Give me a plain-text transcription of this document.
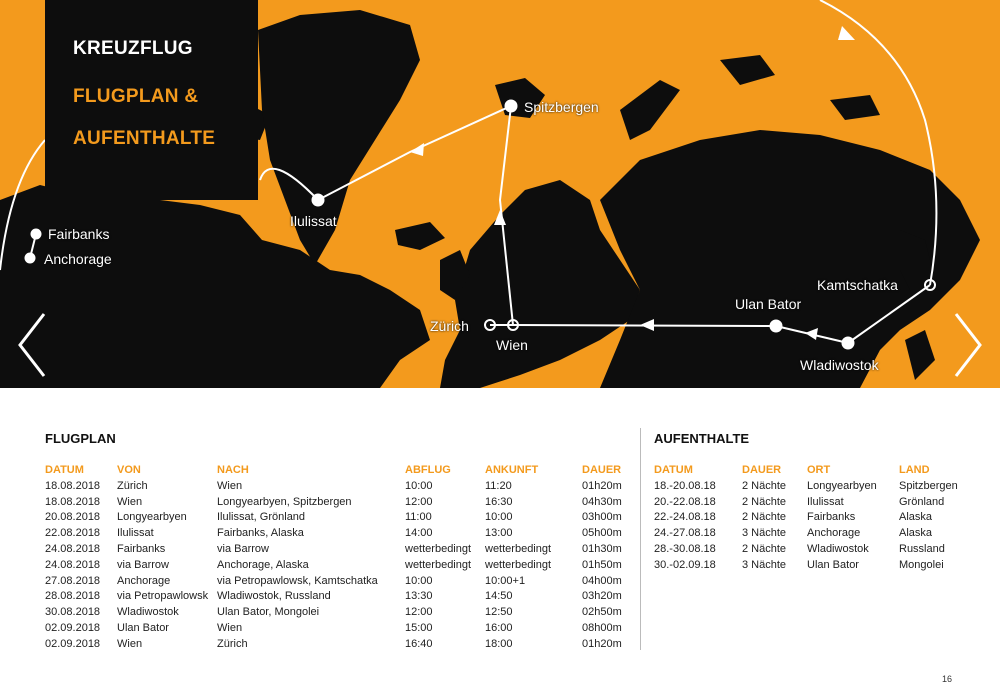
Fairbanks
Anchorage
Ilulissat
Spitzbergen
Zürich
Wien
Ulan Bator
Kamtschatka
Wladiwostok
KREUZFLUG
FLUGPLAN &
AUFENTHALTE
FLUGPLAN
DATUM	VON	NACH	ABFLUG	ANKUNFT	DAUER
18.08.2018	Zürich	Wien	10:00	11:20	01h20m
18.08.2018	Wien	Longyearbyen, Spitzbergen	12:00	16:30	04h30m
20.08.2018	Longyearbyen	Ilulissat, Grönland	11:00	10:00	03h00m
22.08.2018	Ilulissat	Fairbanks, Alaska	14:00	13:00	05h00m
24.08.2018	Fairbanks	via Barrow	wetterbedingt	wetterbedingt	01h30m
24.08.2018	via Barrow	Anchorage, Alaska	wetterbedingt	wetterbedingt	01h50m
27.08.2018	Anchorage	via Petropawlowsk, Kamtschatka	10:00	10:00+1	04h00m
28.08.2018	via Petropawlowsk	Wladiwostok, Russland	13:30	14:50	03h20m
30.08.2018	Wladiwostok	Ulan Bator, Mongolei	12:00	12:50	02h50m
02.09.2018	Ulan Bator	Wien	15:00	16:00	08h00m
02.09.2018	Wien	Zürich	16:40	18:00	01h20m
AUFENTHALTE
DATUM	DAUER	ORT	LAND
18.-20.08.18	2 Nächte	Longyearbyen	Spitzbergen
20.-22.08.18	2 Nächte	Ilulissat	Grönland
22.-24.08.18	2 Nächte	Fairbanks	Alaska
24.-27.08.18	3 Nächte	Anchorage	Alaska
28.-30.08.18	2 Nächte	Wladiwostok	Russland
30.-02.09.18	3 Nächte	Ulan Bator	Mongolei
16
